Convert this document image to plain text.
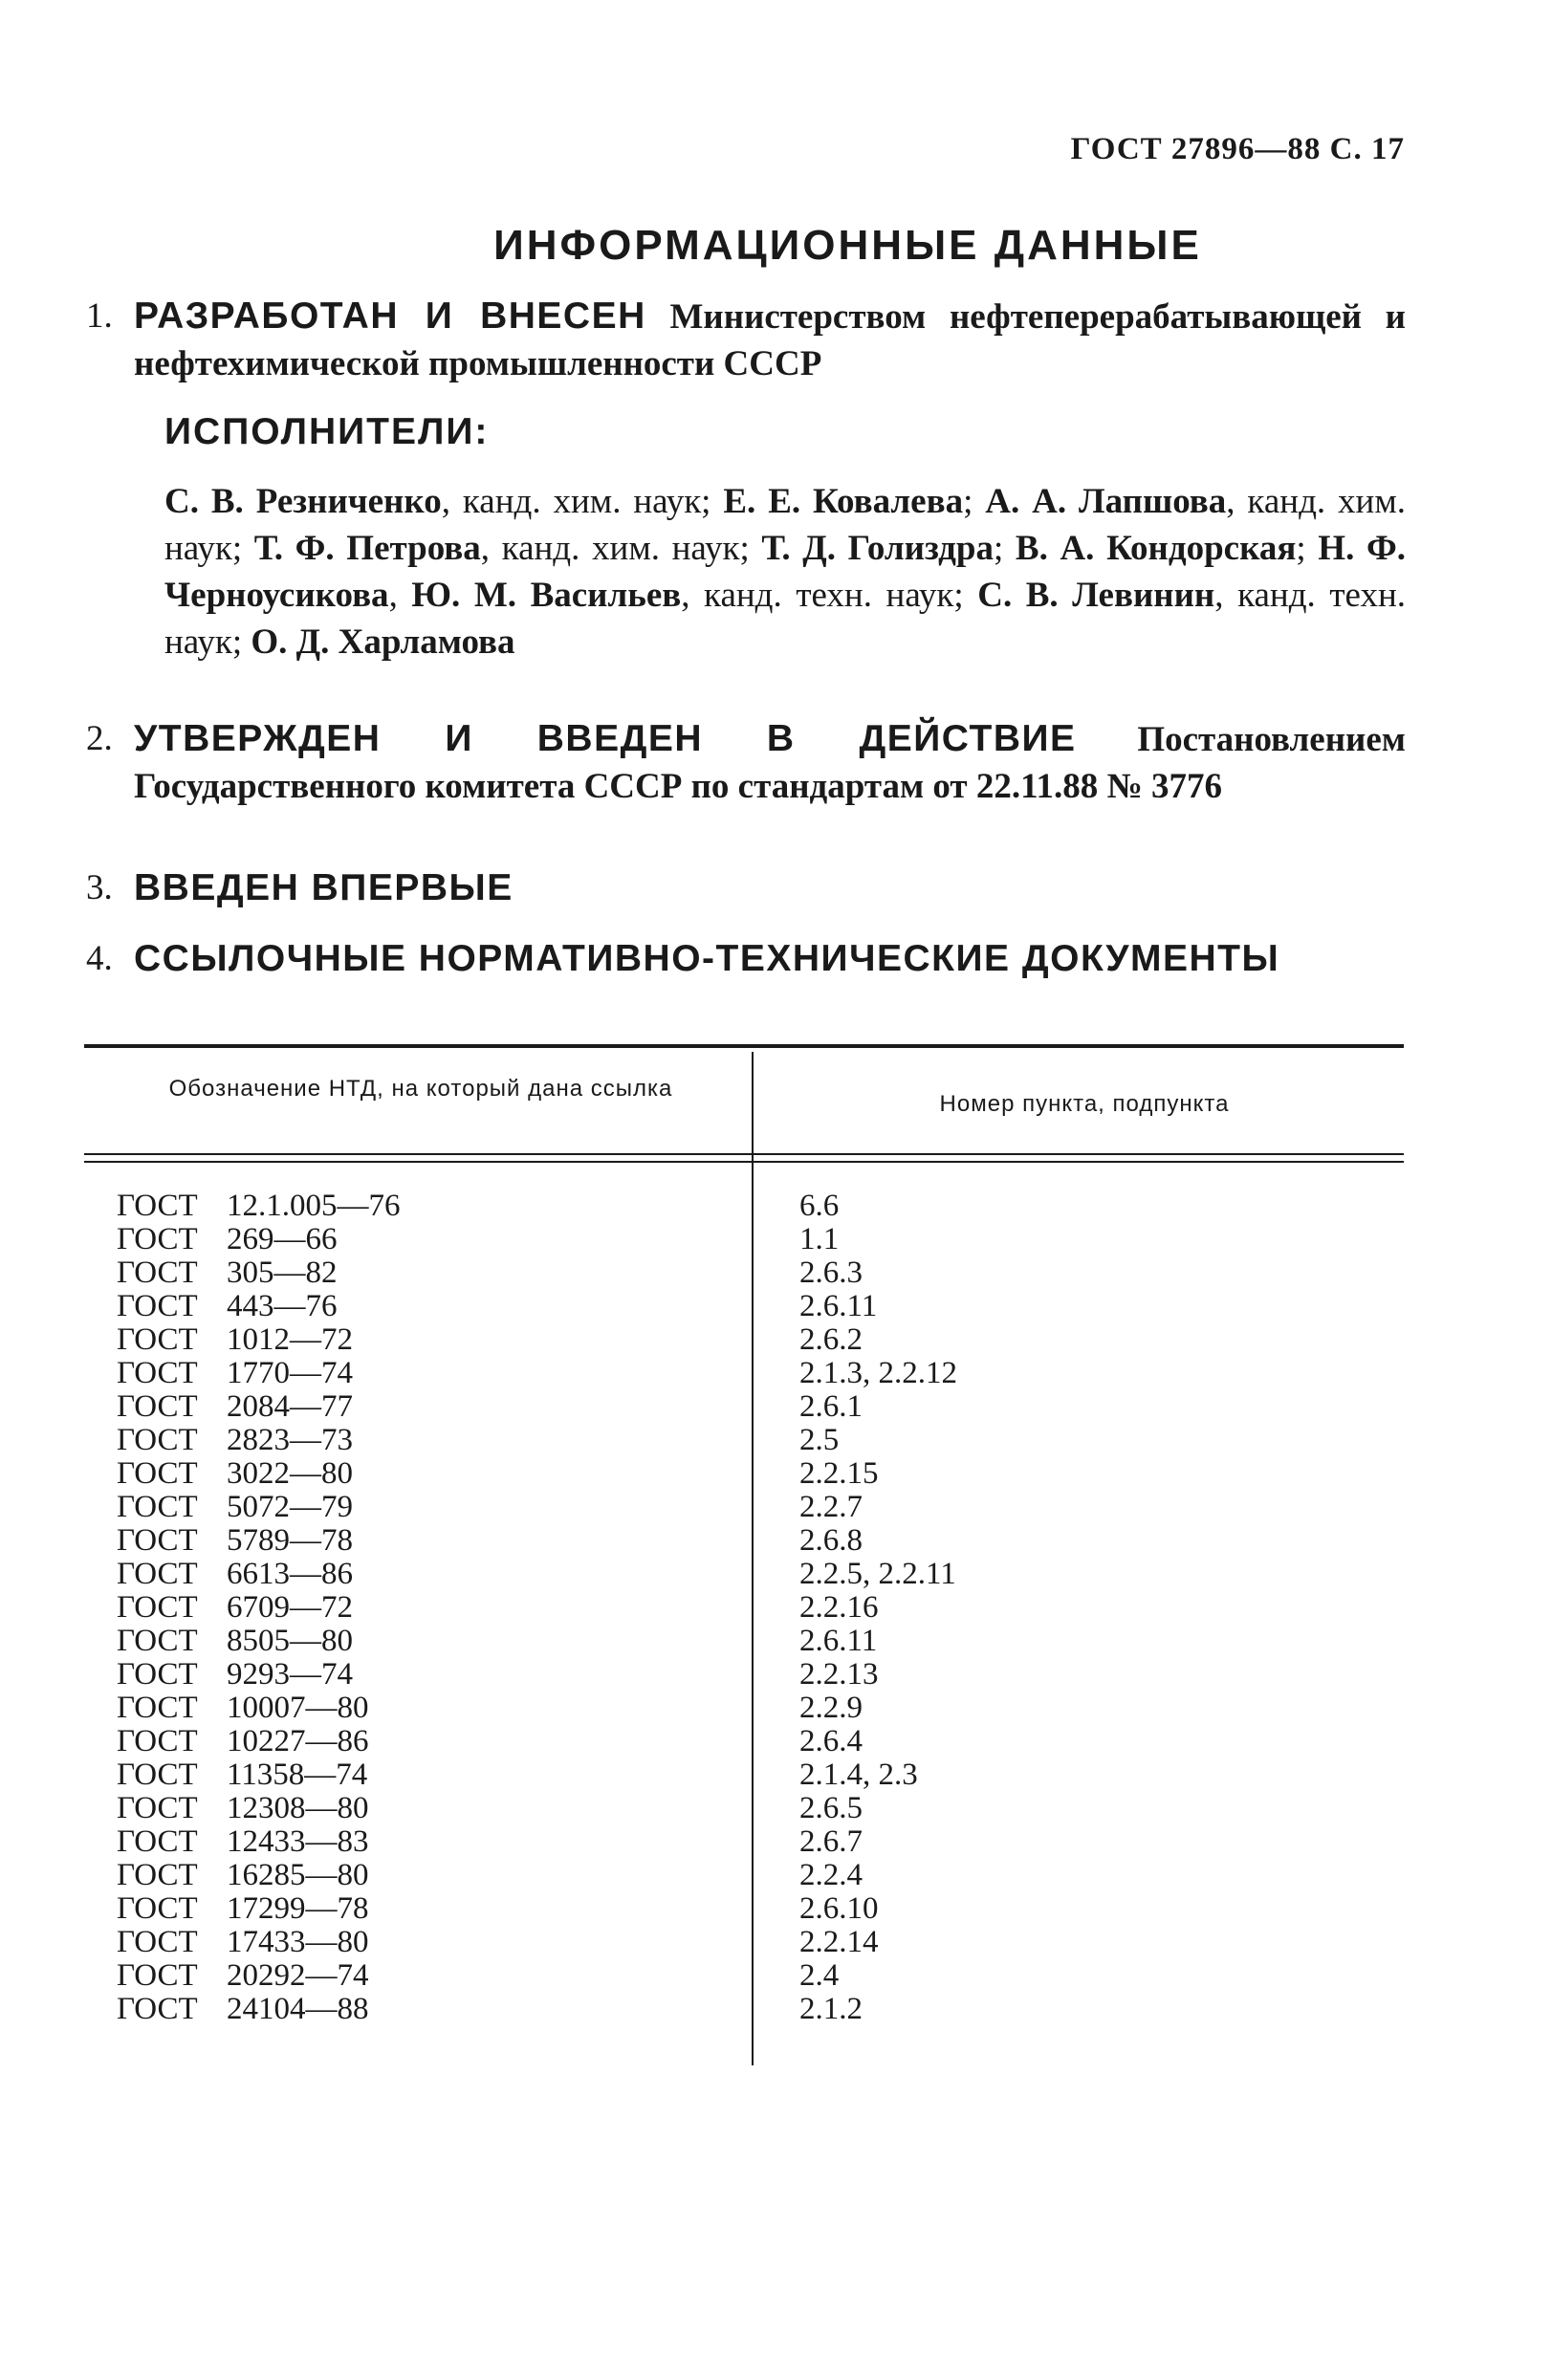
ГОСТ 27896—88 С. 17
ИНФОРМАЦИОННЫЕ ДАННЫЕ
1. РАЗРАБОТАН И ВНЕСЕН Министерством нефтеперерабатывающей и нефтехимической промышленности СССР
ИСПОЛНИТЕЛИ:
С. В. Резниченко, канд. хим. наук; Е. Е. Ковалева; А. А. Лапшова, канд. хим. наук; Т. Ф. Петрова, канд. хим. наук; Т. Д. Голиздра; В. А. Кондорская; Н. Ф. Черноусикова, Ю. М. Васильев, канд. техн. наук; С. В. Левинин, канд. техн. наук; О. Д. Харламова
2. УТВЕРЖДЕН И ВВЕДЕН В ДЕЙСТВИЕ Постановлением Государственного комитета СССР по стандартам от 22.11.88 № 3776
3. ВВЕДЕН ВПЕРВЫЕ
4. ССЫЛОЧНЫЕ НОРМАТИВНО-ТЕХНИЧЕСКИЕ ДОКУМЕНТЫ
Обозначение НТД, на который дана ссылка
Номер пункта, подпункта
ГОСТ 12.1.005—76
ГОСТ 269—66
ГОСТ 305—82
ГОСТ 443—76
ГОСТ 1012—72
ГОСТ 1770—74
ГОСТ 2084—77
ГОСТ 2823—73
ГОСТ 3022—80
ГОСТ 5072—79
ГОСТ 5789—78
ГОСТ 6613—86
ГОСТ 6709—72
ГОСТ 8505—80
ГОСТ 9293—74
ГОСТ 10007—80
ГОСТ 10227—86
ГОСТ 11358—74
ГОСТ 12308—80
ГОСТ 12433—83
ГОСТ 16285—80
ГОСТ 17299—78
ГОСТ 17433—80
ГОСТ 20292—74
ГОСТ 24104—88
6.6
1.1
2.6.3
2.6.11
2.6.2
2.1.3, 2.2.12
2.6.1
2.5
2.2.15
2.2.7
2.6.8
2.2.5, 2.2.11
2.2.16
2.6.11
2.2.13
2.2.9
2.6.4
2.1.4, 2.3
2.6.5
2.6.7
2.2.4
2.6.10
2.2.14
2.4
2.1.2
